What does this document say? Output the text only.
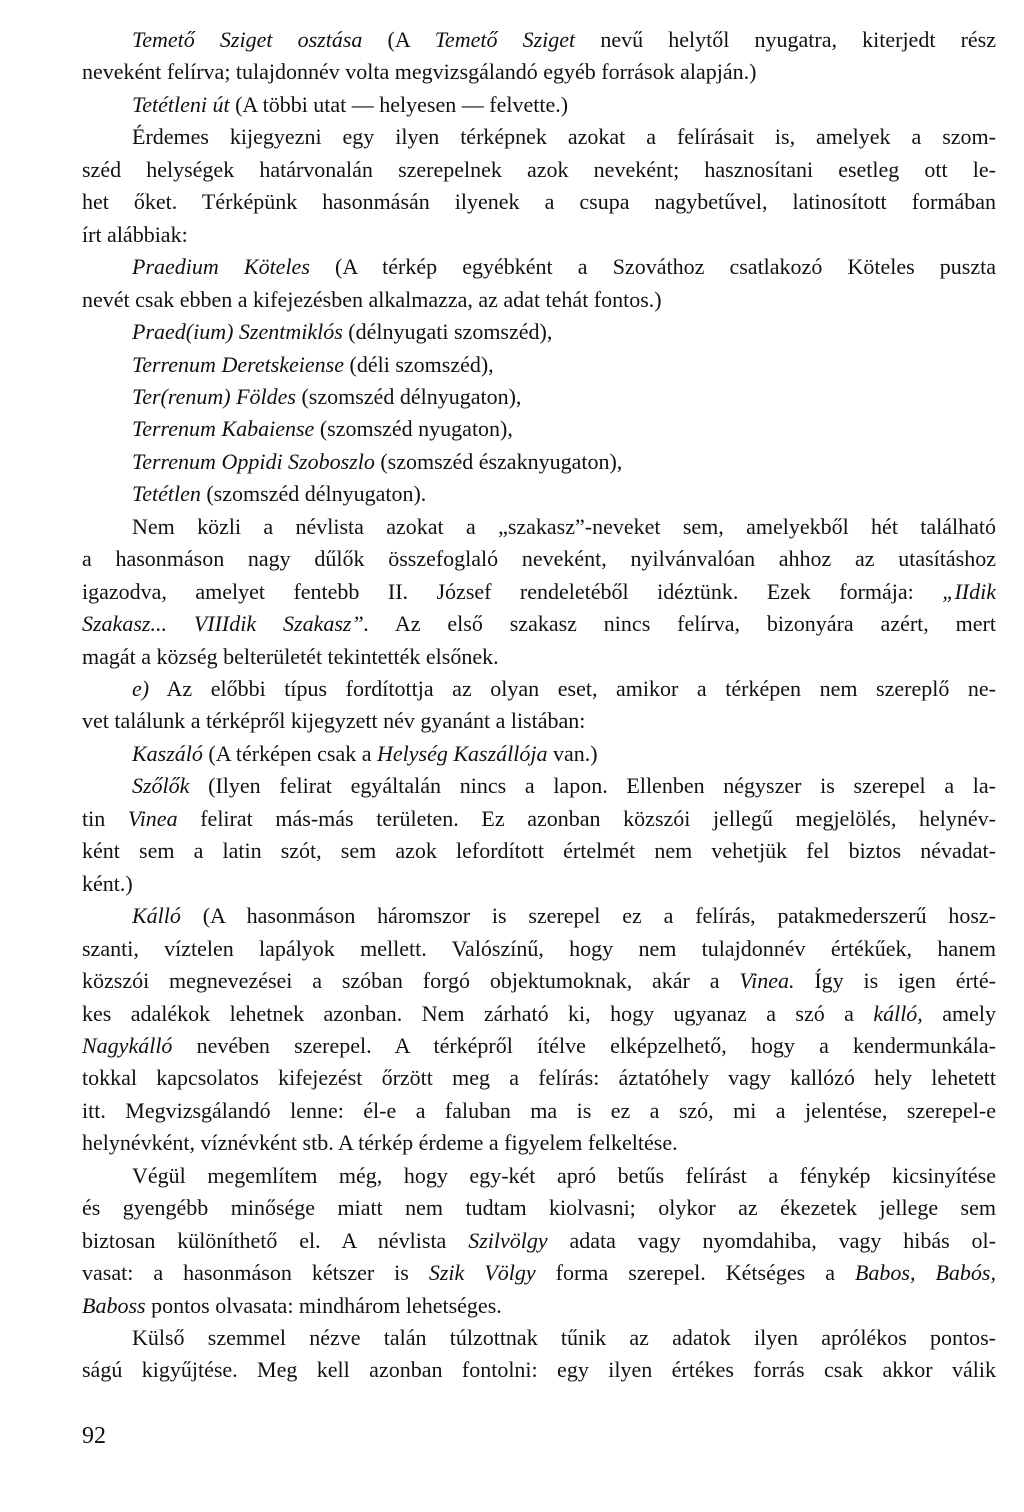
Temető Sziget osztása (A Temető Sziget nevű helytől nyugatra, kiterjedt rész
neveként felírva; tulajdonnév volta megvizsgálandó egyéb források alapján.)
Tetétleni út (A többi utat — helyesen — felvette.)
Érdemes kijegyezni egy ilyen térképnek azokat a felírásait is, amelyek a szom-
széd helységek határvonalán szerepelnek azok neveként; hasznosítani esetleg ott le-
het őket. Térképünk hasonmásán ilyenek a csupa nagybetűvel, latinosított formában
írt alábbiak:
Praedium Köteles (A térkép egyébként a Szováthoz csatlakozó Köteles puszta
nevét csak ebben a kifejezésben alkalmazza, az adat tehát fontos.)
Praed(ium) Szentmiklós (délnyugati szomszéd),
Terrenum Deretskeiense (déli szomszéd),
Ter(renum) Földes (szomszéd délnyugaton),
Terrenum Kabaiense (szomszéd nyugaton),
Terrenum Oppidi Szoboszlo (szomszéd északnyugaton),
Tetétlen (szomszéd délnyugaton).
Nem közli a névlista azokat a „szakasz”-neveket sem, amelyekből hét található
a hasonmáson nagy dűlők összefoglaló neveként, nyilvánvalóan ahhoz az utasításhoz
igazodva, amelyet fentebb II. József rendeletéből idéztünk. Ezek formája: „IIdik
Szakasz... VIIIdik Szakasz”. Az első szakasz nincs felírva, bizonyára azért, mert
magát a község belterületét tekintették elsőnek.
e) Az előbbi típus fordítottja az olyan eset, amikor a térképen nem szereplő ne-
vet találunk a térképről kijegyzett név gyanánt a listában:
Kaszáló (A térképen csak a Helység Kaszállója van.)
Szőlők (Ilyen felirat egyáltalán nincs a lapon. Ellenben négyszer is szerepel a la-
tin Vinea felirat más-más területen. Ez azonban közszói jellegű megjelölés, helynév-
ként sem a latin szót, sem azok lefordított értelmét nem vehetjük fel biztos névadat-
ként.)
Kálló (A hasonmáson háromszor is szerepel ez a felírás, patakmederszerű hosz-
szanti, víztelen lapályok mellett. Valószínű, hogy nem tulajdonnév értékűek, hanem
közszói megnevezései a szóban forgó objektumoknak, akár a Vinea. Így is igen érté-
kes adalékok lehetnek azonban. Nem zárható ki, hogy ugyanaz a szó a kálló, amely
Nagykálló nevében szerepel. A térképről ítélve elképzelhető, hogy a kendermunkála-
tokkal kapcsolatos kifejezést őrzött meg a felírás: áztatóhely vagy kallózó hely lehetett
itt. Megvizsgálandó lenne: él-e a faluban ma is ez a szó, mi a jelentése, szerepel-e
helynévként, víznévként stb. A térkép érdeme a figyelem felkeltése.
Végül megemlítem még, hogy egy-két apró betűs felírást a fénykép kicsinyítése
és gyengébb minősége miatt nem tudtam kiolvasni; olykor az ékezetek jellege sem
biztosan különíthető el. A névlista Szilvölgy adata vagy nyomdahiba, vagy hibás ol-
vasat: a hasonmáson kétszer is Szik Völgy forma szerepel. Kétséges a Babos, Babós,
Baboss pontos olvasata: mindhárom lehetséges.
Külső szemmel nézve talán túlzottnak tűnik az adatok ilyen aprólékos pontos-
ságú kigyűjtése. Meg kell azonban fontolni: egy ilyen értékes forrás csak akkor válik
92
